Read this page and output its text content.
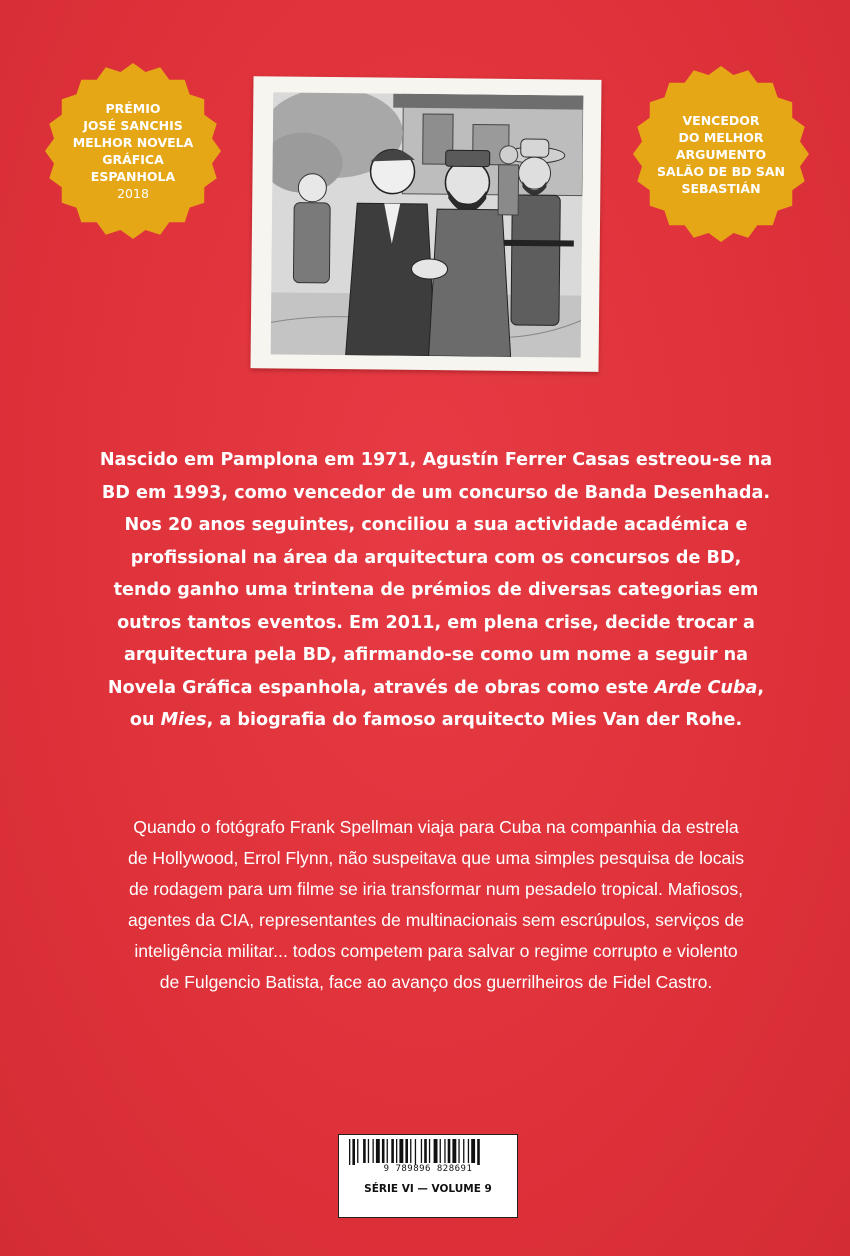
PRÉMIO
JOSÉ SANCHIS
MELHOR NOVELA
GRÁFICA
ESPANHOLA
2018
VENCEDOR
DO MELHOR
ARGUMENTO
SALÃO DE BD SAN
SEBASTIÁN
Nascido em Pamplona em 1971, Agustín Ferrer Casas estreou-se na
BD em 1993, como vencedor de um concurso de Banda Desenhada.
Nos 20 anos seguintes, conciliou a sua actividade académica e
profissional na área da arquitectura com os concursos de BD,
tendo ganho uma trintena de prémios de diversas categorias em
outros tantos eventos. Em 2011, em plena crise, decide trocar a
arquitectura pela BD, afirmando-se como um nome a seguir na
Novela Gráfica espanhola, através de obras como este Arde Cuba,
ou Mies, a biografia do famoso arquitecto Mies Van der Rohe.
Quando o fotógrafo Frank Spellman viaja para Cuba na companhia da estrela
de Hollywood, Errol Flynn, não suspeitava que uma simples pesquisa de locais
de rodagem para um filme se iria transformar num pesadelo tropical. Mafiosos,
agentes da CIA, representantes de multinacionais sem escrúpulos, serviços de
inteligência militar... todos competem para salvar o regime corrupto e violento
de Fulgencio Batista, face ao avanço dos guerrilheiros de Fidel Castro.
9 789896 828691
SÉRIE VI — VOLUME 9
